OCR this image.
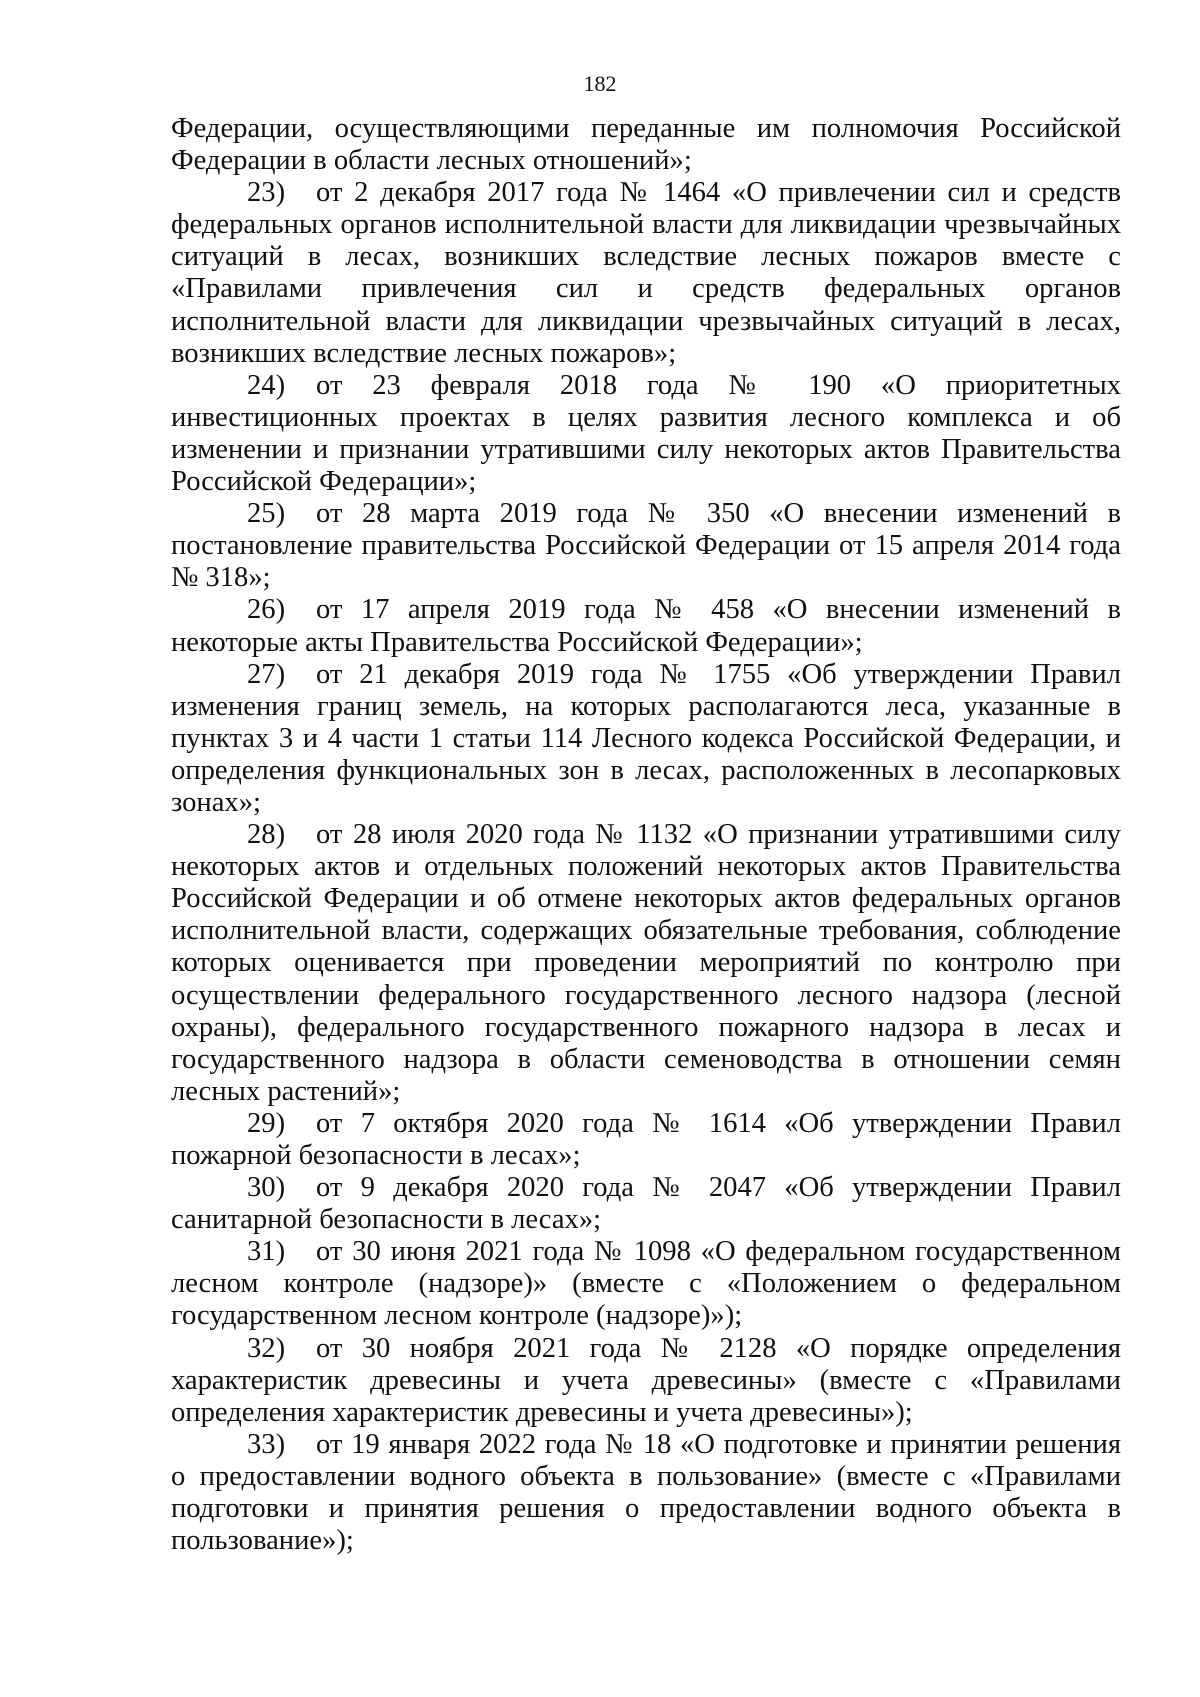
182

Федерации, осуществляющими переданные им полномочия Российской Федерации в области лесных отношений»;

23) от 2 декабря 2017 года № 1464 «О привлечении сил и средств федеральных органов исполнительной власти для ликвидации чрезвычайных ситуаций в лесах, возникших вследствие лесных пожаров вместе с «Правилами привлечения сил и средств федеральных органов исполнительной власти для ликвидации чрезвычайных ситуаций в лесах, возникших вследствие лесных пожаров»;

24) от 23 февраля 2018 года № 190 «О приоритетных инвестиционных проектах в целях развития лесного комплекса и об изменении и признании утратившими силу некоторых актов Правительства Российской Федерации»;

25) от 28 марта 2019 года № 350 «О внесении изменений в постановление правительства Российской Федерации от 15 апреля 2014 года № 318»;

26) от 17 апреля 2019 года № 458 «О внесении изменений в некоторые акты Правительства Российской Федерации»;

27) от 21 декабря 2019 года № 1755 «Об утверждении Правил изменения границ земель, на которых располагаются леса, указанные в пунктах 3 и 4 части 1 статьи 114 Лесного кодекса Российской Федерации, и определения функциональных зон в лесах, расположенных в лесопарковых зонах»;

28) от 28 июля 2020 года № 1132 «О признании утратившими силу некоторых актов и отдельных положений некоторых актов Правительства Российской Федерации и об отмене некоторых актов федеральных органов исполнительной власти, содержащих обязательные требования, соблюдение которых оценивается при проведении мероприятий по контролю при осуществлении федерального государственного лесного надзора (лесной охраны), федерального государственного пожарного надзора в лесах и государственного надзора в области семеноводства в отношении семян лесных растений»;

29) от 7 октября 2020 года № 1614 «Об утверждении Правил пожарной безопасности в лесах»;

30) от 9 декабря 2020 года № 2047 «Об утверждении Правил санитарной безопасности в лесах»;

31) от 30 июня 2021 года № 1098 «О федеральном государственном лесном контроле (надзоре)» (вместе с «Положением о федеральном государственном лесном контроле (надзоре)»);

32) от 30 ноября 2021 года № 2128 «О порядке определения характеристик древесины и учета древесины» (вместе с «Правилами определения характеристик древесины и учета древесины»);

33) от 19 января 2022 года № 18 «О подготовке и принятии решения о предоставлении водного объекта в пользование» (вместе с «Правилами подготовки и принятия решения о предоставлении водного объекта в пользование»);
